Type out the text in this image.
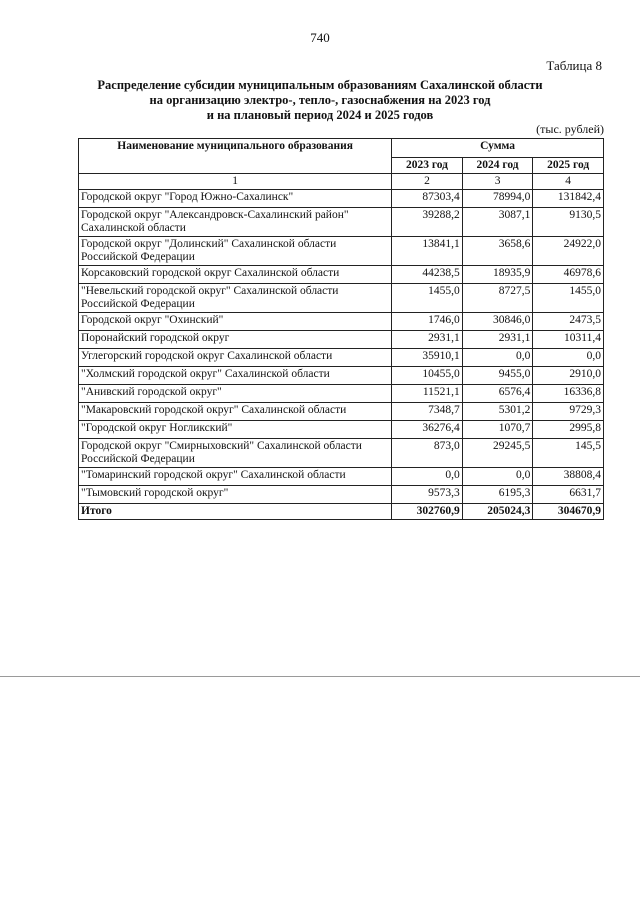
740
Таблица 8
Распределение субсидии муниципальным образованиям Сахалинской области
на организацию электро-, тепло-, газоснабжения на 2023 год
и на плановый период 2024 и 2025 годов
(тыс. рублей)
Наименование муниципального образования	Сумма		
	2023 год	2024 год	2025 год
1	2	3	4
Городской округ "Город Южно-Сахалинск"	87303,4	78994,0	131842,4
Городской округ "Александровск-Сахалинский район" Сахалинской области	39288,2	3087,1	9130,5
Городской округ "Долинский" Сахалинской области Российской Федерации	13841,1	3658,6	24922,0
Корсаковский городской округ Сахалинской области	44238,5	18935,9	46978,6
"Невельский городской округ" Сахалинской области Российской Федерации	1455,0	8727,5	1455,0
Городской округ "Охинский"	1746,0	30846,0	2473,5
Поронайский городской округ	2931,1	2931,1	10311,4
Углегорский городской округ Сахалинской области	35910,1	0,0	0,0
"Холмский городской округ" Сахалинской области	10455,0	9455,0	2910,0
"Анивский городской округ"	11521,1	6576,4	16336,8
"Макаровский городской округ" Сахалинской области	7348,7	5301,2	9729,3
"Городской округ Ногликский"	36276,4	1070,7	2995,8
Городской округ "Смирныховский" Сахалинской области Российской Федерации	873,0	29245,5	145,5
"Томаринский городской округ" Сахалинской области	0,0	0,0	38808,4
"Тымовский городской округ"	9573,3	6195,3	6631,7
Итого	302760,9	205024,3	304670,9
